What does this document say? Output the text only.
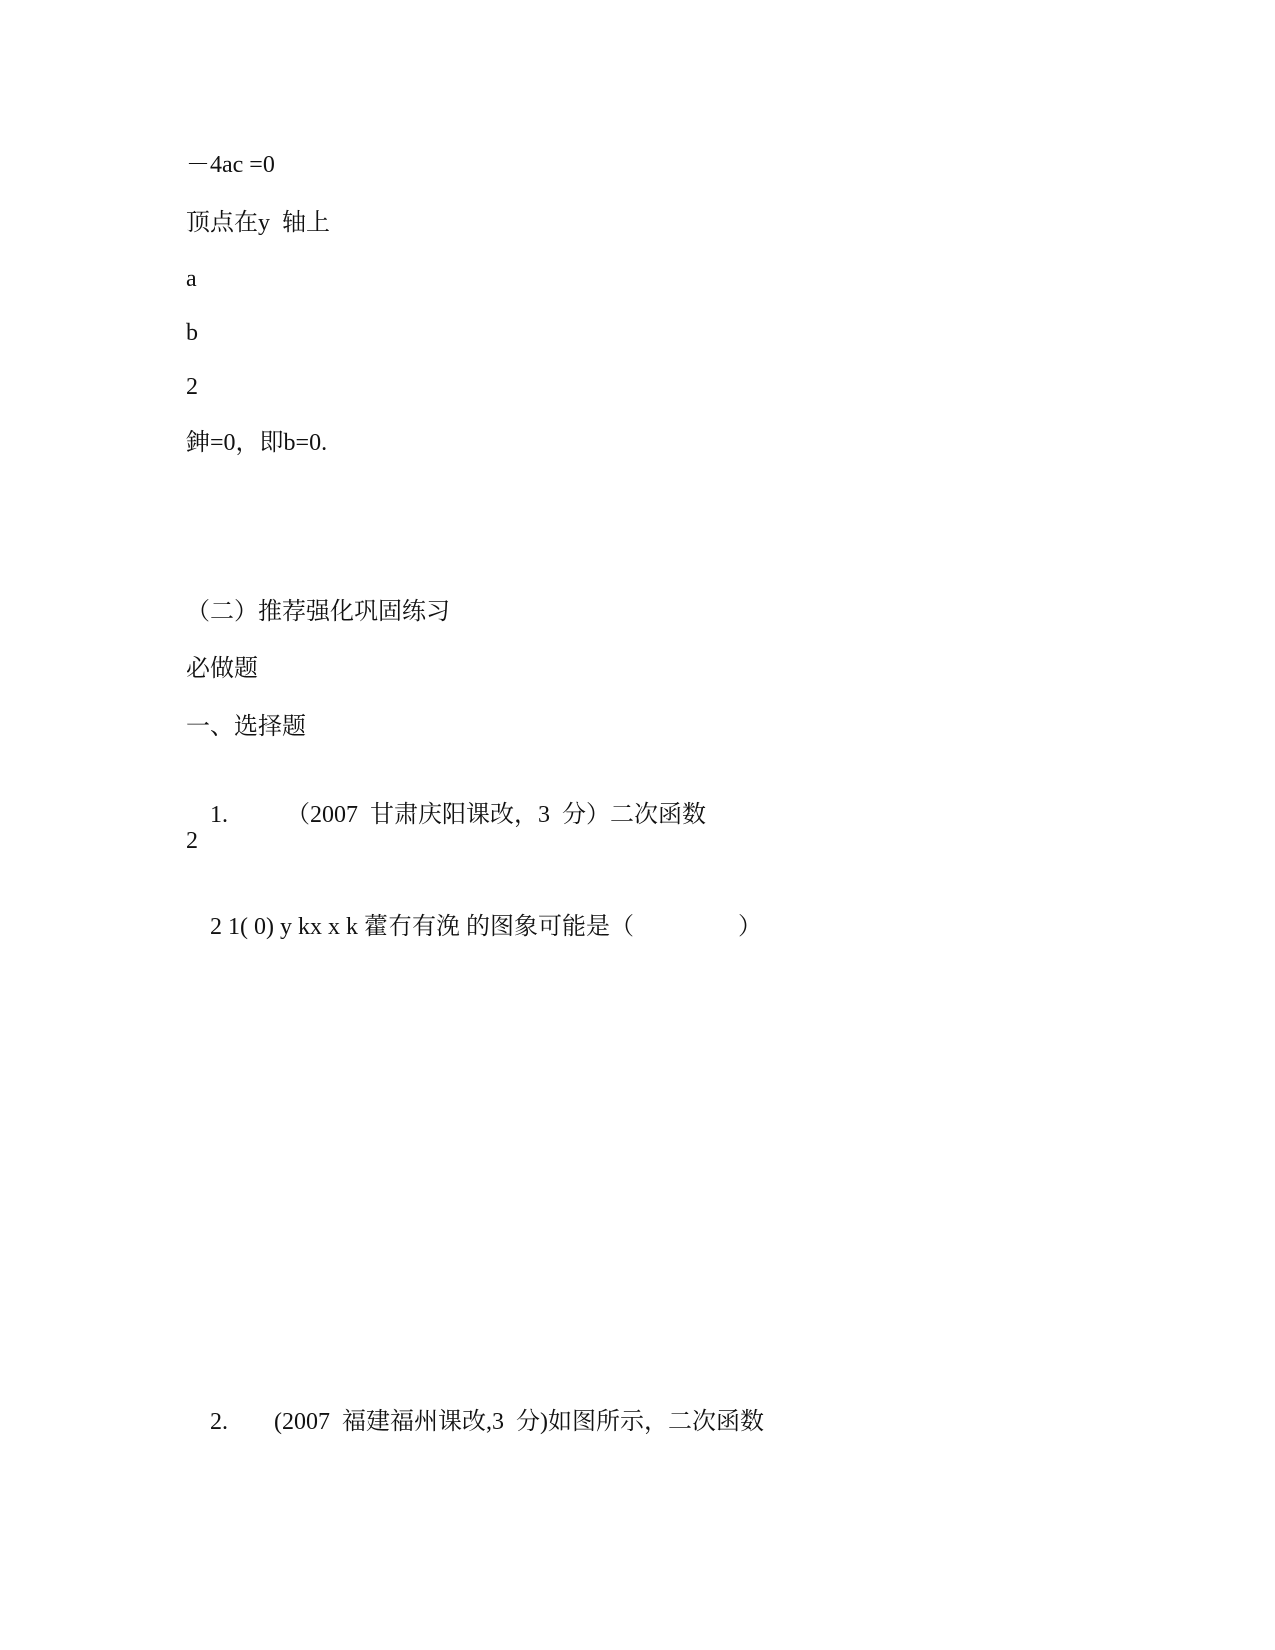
－4ac =0
顶点在y  轴上
a
b
2
鉮=0，即b=0.
（二）推荐强化巩固练习
必做题
一、选择题

1. （2007  甘肃庆阳课改，3  分）二次函数

2

2 1( 0) y kx x k 藿冇有浼 的图象可能是（	）

2. (2007  福建福州课改,3  分)如图所示，二次函数
